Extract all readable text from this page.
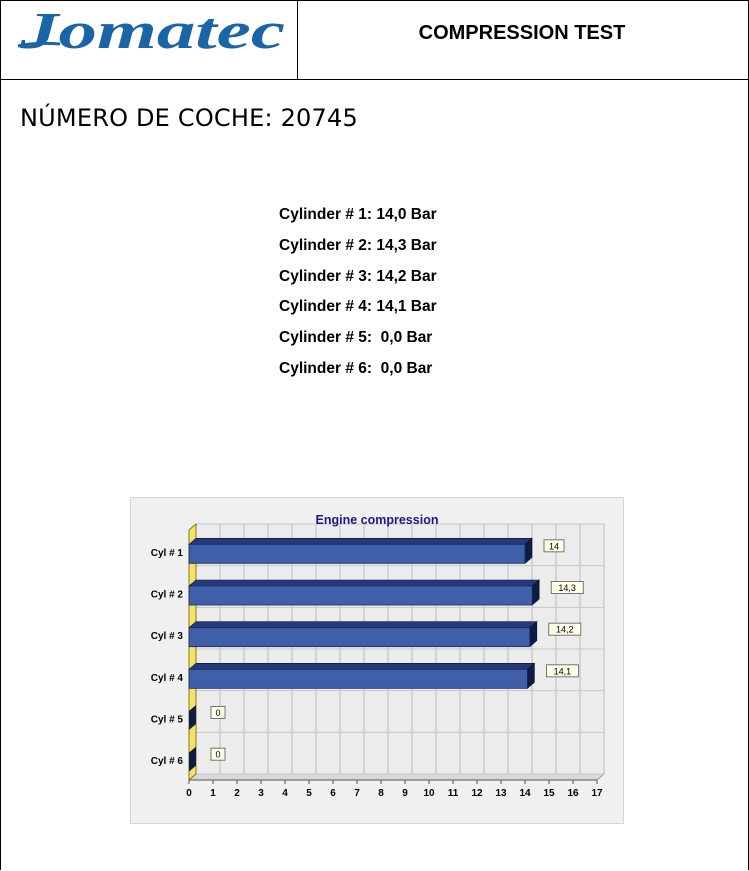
Jomatec	COMPRESSION TEST
NÚMERO DE COCHE: 20745
Cylinder # 1: 14,0 Bar
Cylinder # 2: 14,3 Bar
Cylinder # 3: 14,2 Bar
Cylinder # 4: 14,1 Bar
Cylinder # 5:  0,0 Bar
Cylinder # 6:  0,0 Bar
Engine compression
Cyl # 1
14
Cyl # 2
14,3
Cyl # 3
14,2
Cyl # 4
14,1
Cyl # 5
0
Cyl # 6
0
0 1 2 3 4 5 6 7 8 9 10 11 12 13 14 15 16 17
